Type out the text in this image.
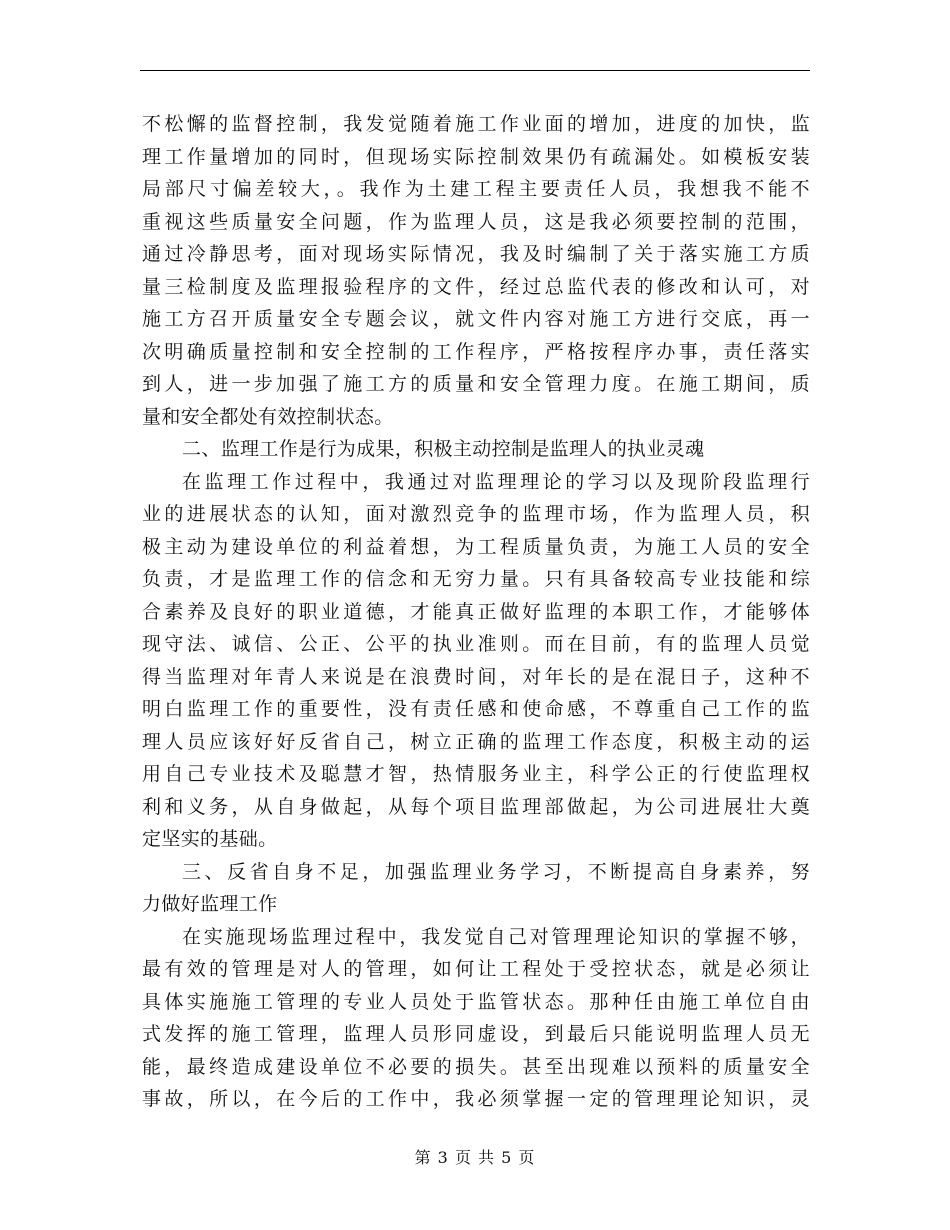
不松懈的监督控制，我发觉随着施工作业面的增加，进度的加快，监
理工作量增加的同时，但现场实际控制效果仍有疏漏处。如模板安装
局部尺寸偏差较大，。我作为土建工程主要责任人员，我想我不能不
重视这些质量安全问题，作为监理人员，这是我必须要控制的范围，
通过冷静思考，面对现场实际情况，我及时编制了关于落实施工方质
量三检制度及监理报验程序的文件，经过总监代表的修改和认可，对
施工方召开质量安全专题会议，就文件内容对施工方进行交底，再一
次明确质量控制和安全控制的工作程序，严格按程序办事，责任落实
到人，进一步加强了施工方的质量和安全管理力度。在施工期间，质
量和安全都处有效控制状态。
二、监理工作是行为成果，积极主动控制是监理人的执业灵魂
在监理工作过程中，我通过对监理理论的学习以及现阶段监理行
业的进展状态的认知，面对激烈竞争的监理市场，作为监理人员，积
极主动为建设单位的利益着想，为工程质量负责，为施工人员的安全
负责，才是监理工作的信念和无穷力量。只有具备较高专业技能和综
合素养及良好的职业道德，才能真正做好监理的本职工作，才能够体
现守法、诚信、公正、公平的执业准则。而在目前，有的监理人员觉
得当监理对年青人来说是在浪费时间，对年长的是在混日子，这种不
明白监理工作的重要性，没有责任感和使命感，不尊重自己工作的监
理人员应该好好反省自己，树立正确的监理工作态度，积极主动的运
用自己专业技术及聪慧才智，热情服务业主，科学公正的行使监理权
利和义务，从自身做起，从每个项目监理部做起，为公司进展壮大奠
定坚实的基础。
三、反省自身不足，加强监理业务学习，不断提高自身素养，努
力做好监理工作
在实施现场监理过程中，我发觉自己对管理理论知识的掌握不够，
最有效的管理是对人的管理，如何让工程处于受控状态，就是必须让
具体实施施工管理的专业人员处于监管状态。那种任由施工单位自由
式发挥的施工管理，监理人员形同虚设，到最后只能说明监理人员无
能，最终造成建设单位不必要的损失。甚至出现难以预料的质量安全
事故，所以，在今后的工作中，我必须掌握一定的管理理论知识，灵
第 3 页 共 5 页
